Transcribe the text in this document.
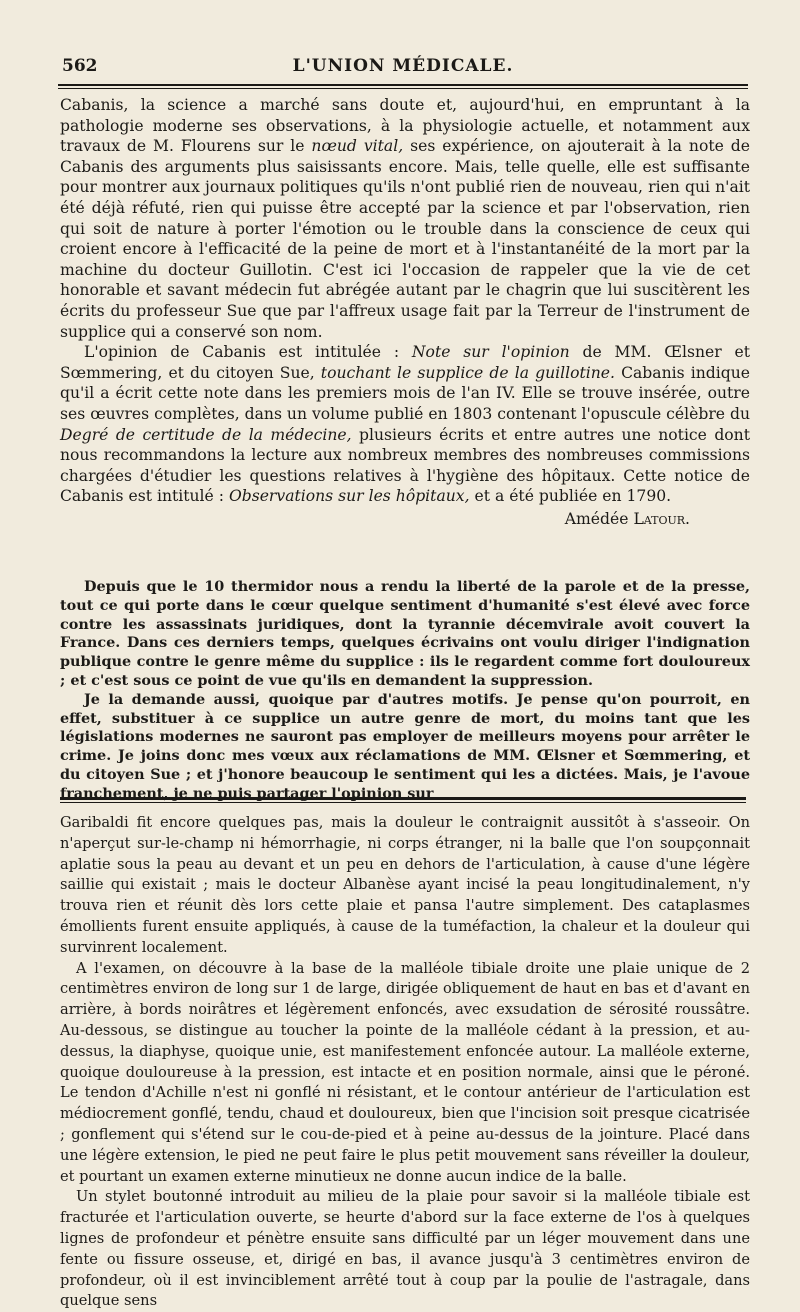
562	L'UNION MÉDICALE.

Cabanis, la science a marché sans doute et, aujourd'hui, en empruntant à la pathologie moderne ses observations, à la physiologie actuelle, et notamment aux travaux de M. Flourens sur le nœud vital, ses expérience, on ajouterait à la note de Cabanis des arguments plus saisissants encore. Mais, telle quelle, elle est suffisante pour montrer aux journaux politiques qu'ils n'ont publié rien de nouveau, rien qui n'ait été déjà réfuté, rien qui puisse être accepté par la science et par l'observation, rien qui soit de nature à porter l'émotion ou le trouble dans la conscience de ceux qui croient encore à l'efficacité de la peine de mort et à l'instantanéité de la mort par la machine du docteur Guillotin. C'est ici l'occasion de rappeler que la vie de cet honorable et savant médecin fut abrégée autant par le chagrin que lui suscitèrent les écrits du professeur Sue que par l'affreux usage fait par la Terreur de l'instrument de supplice qui a conservé son nom.

L'opinion de Cabanis est intitulée : Note sur l'opinion de MM. Œlsner et Sœmmering, et du citoyen Sue, touchant le supplice de la guillotine. Cabanis indique qu'il a écrit cette note dans les premiers mois de l'an IV. Elle se trouve insérée, outre ses œuvres complètes, dans un volume publié en 1803 contenant l'opuscule célèbre du Degré de certitude de la médecine, plusieurs écrits et entre autres une notice dont nous recommandons la lecture aux nombreux membres des nombreuses commissions chargées d'étudier les questions relatives à l'hygiène des hôpitaux. Cette notice de Cabanis est intitulé : Observations sur les hôpitaux, et a été publiée en 1790.

Amédée Latour.

Depuis que le 10 thermidor nous a rendu la liberté de la parole et de la presse, tout ce qui porte dans le cœur quelque sentiment d'humanité s'est élevé avec force contre les assassinats juridiques, dont la tyrannie décemvirale avoit couvert la France. Dans ces derniers temps, quelques écrivains ont voulu diriger l'indignation publique contre le genre même du supplice : ils le regardent comme fort douloureux ; et c'est sous ce point de vue qu'ils en demandent la suppression.

Je la demande aussi, quoique par d'autres motifs. Je pense qu'on pourroit, en effet, substituer à ce supplice un autre genre de mort, du moins tant que les législations modernes ne sauront pas employer de meilleurs moyens pour arrêter le crime. Je joins donc mes vœux aux réclamations de MM. Œlsner et Sœmmering, et du citoyen Sue ; et j'honore beaucoup le sentiment qui les a dictées. Mais, je l'avoue franchement, je ne puis partager l'opinion sur

Garibaldi fit encore quelques pas, mais la douleur le contraignit aussitôt à s'asseoir. On n'aperçut sur-le-champ ni hémorrhagie, ni corps étranger, ni la balle que l'on soupçonnait aplatie sous la peau au devant et un peu en dehors de l'articulation, à cause d'une légère saillie qui existait ; mais le docteur Albanèse ayant incisé la peau longitudinalement, n'y trouva rien et réunit dès lors cette plaie et pansa l'autre simplement. Des cataplasmes émollients furent ensuite appliqués, à cause de la tuméfaction, la chaleur et la douleur qui survinrent localement.

A l'examen, on découvre à la base de la malléole tibiale droite une plaie unique de 2 centimètres environ de long sur 1 de large, dirigée obliquement de haut en bas et d'avant en arrière, à bords noirâtres et légèrement enfoncés, avec exsudation de sérosité roussâtre. Au-dessous, se distingue au toucher la pointe de la malléole cédant à la pression, et au-dessus, la diaphyse, quoique unie, est manifestement enfoncée autour. La malléole externe, quoique douloureuse à la pression, est intacte et en position normale, ainsi que le péroné. Le tendon d'Achille n'est ni gonflé ni résistant, et le contour antérieur de l'articulation est médiocrement gonflé, tendu, chaud et douloureux, bien que l'incision soit presque cicatrisée ; gonflement qui s'étend sur le cou-de-pied et à peine au-dessus de la jointure. Placé dans une légère extension, le pied ne peut faire le plus petit mouvement sans réveiller la douleur, et pourtant un examen externe minutieux ne donne aucun indice de la balle.

Un stylet boutonné introduit au milieu de la plaie pour savoir si la malléole tibiale est fracturée et l'articulation ouverte, se heurte d'abord sur la face externe de l'os à quelques lignes de profondeur et pénètre ensuite sans difficulté par un léger mouvement dans une fente ou fissure osseuse, et, dirigé en bas, il avance jusqu'à 3 centimètres environ de profondeur, où il est invinciblement arrêté tout à coup par la poulie de l'astragale, dans quelque sens
